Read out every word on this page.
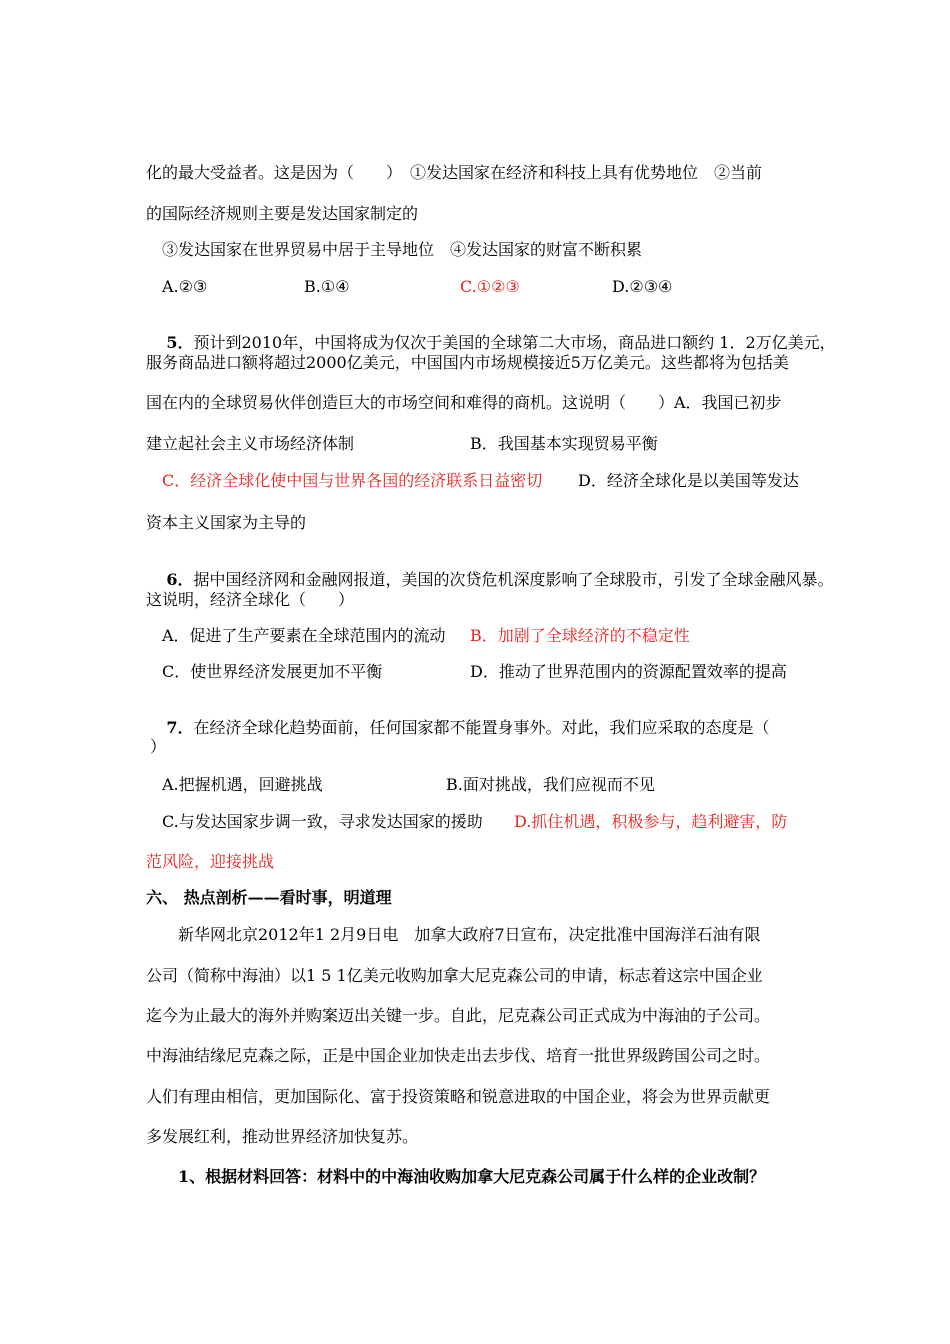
化的最大受益者。这是因为（　　）　①发达国家在经济和科技上具有优势地位　②当前
的国际经济规则主要是发达国家制定的
③发达国家在世界贸易中居于主导地位　④发达国家的财富不断积累
A.②③	B.①④	C.①②③	D.②③④

5．预计到2010年，中国将成为仅次于美国的全球第二大市场，商品进口额约 1．2万亿美元，

服务商品进口额将超过2000亿美元，中国国内市场规模接近5万亿美元。这些都将为包括美
国在内的全球贸易伙伴创造巨大的市场空间和难得的商机。这说明（　　）A．我国已初步
建立起社会主义市场经济体制	B．我国基本实现贸易平衡
C．经济全球化使中国与世界各国的经济联系日益密切 D．经济全球化是以美国等发达
资本主义国家为主导的

6．据中国经济网和金融网报道，美国的次贷危机深度影响了全球股市，引发了全球金融风暴。

这说明，经济全球化（　　）
A．促进了生产要素在全球范围内的流动 B．加剧了全球经济的不稳定性
C．使世界经济发展更加不平衡	D．推动了世界范围内的资源配置效率的提高

7．在经济全球化趋势面前，任何国家都不能置身事外。对此，我们应采取的态度是（

）
A.把握机遇，回避挑战	B.面对挑战，我们应视而不见
C.与发达国家步调一致，寻求发达国家的援助 D.抓住机遇，积极参与，趋利避害，防
范风险，迎接挑战
六、 热点剖析——看时事，明道理
新华网北京2012年1 2月9日电　加拿大政府7日宣布，决定批准中国海洋石油有限
公司（简称中海油）以1 5 1亿美元收购加拿大尼克森公司的申请，标志着这宗中国企业
迄今为止最大的海外并购案迈出关键一步。自此，尼克森公司正式成为中海油的子公司。
中海油结缘尼克森之际，正是中国企业加快走出去步伐、培育一批世界级跨国公司之时。
人们有理由相信，更加国际化、富于投资策略和锐意进取的中国企业，将会为世界贡献更
多发展红利，推动世界经济加快复苏。
1、根据材料回答：材料中的中海油收购加拿大尼克森公司属于什么样的企业改制？
